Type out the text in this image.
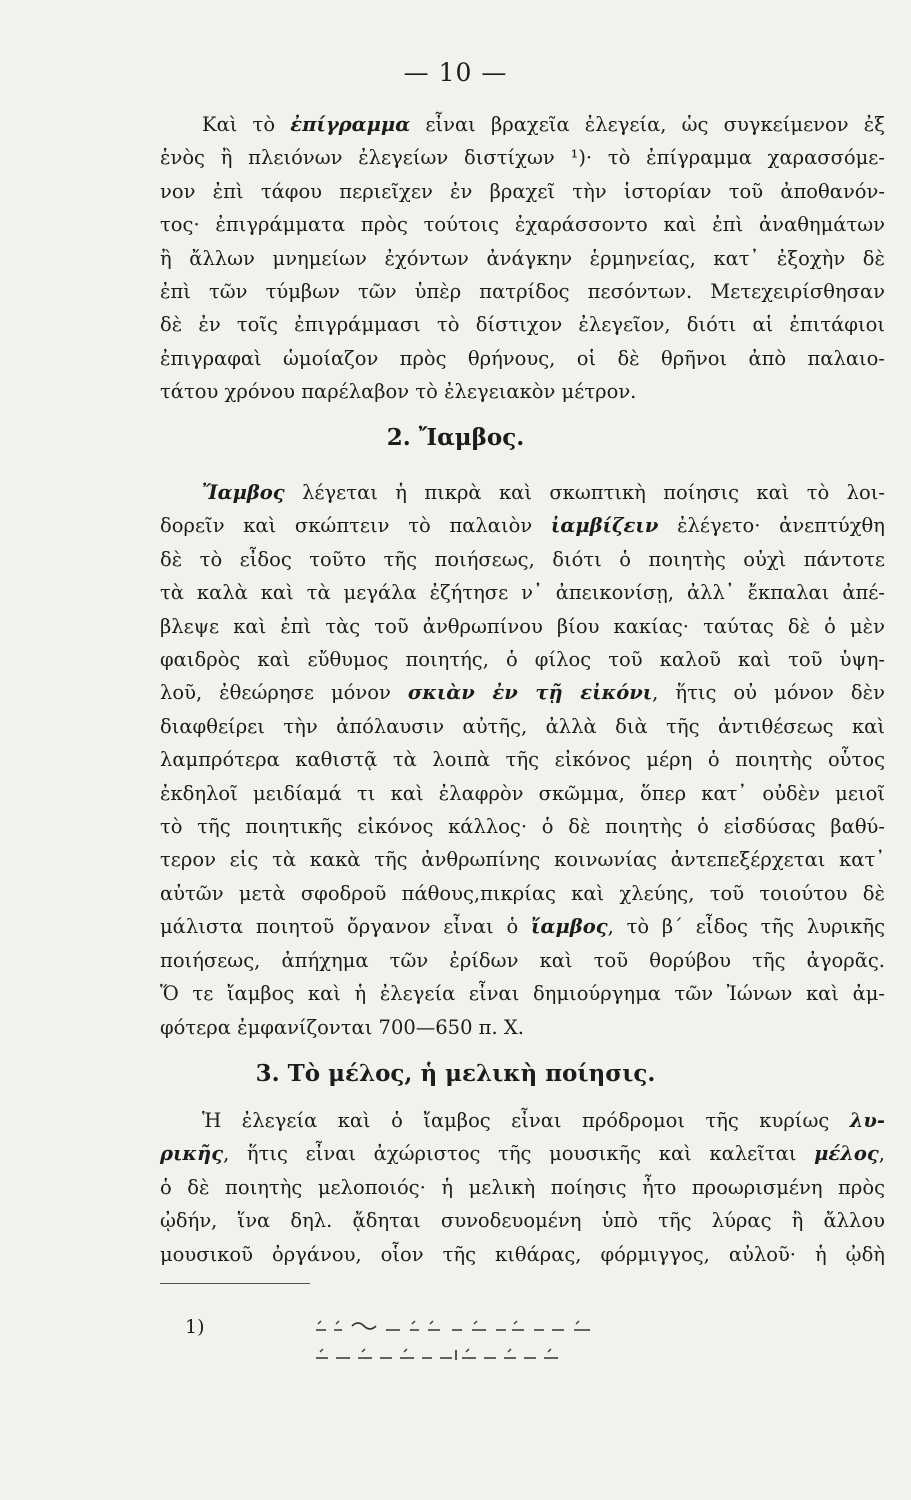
— 10 —
Καὶ τὸ ἐπίγραμμα εἶναι βραχεῖα ἐλεγεία, ὡς συγκείμενον ἐξ
ἑνὸς ἢ πλειόνων ἐλεγείων διστίχων ¹)· τὸ ἐπίγραμμα χαρασσόμε-
νον ἐπὶ τάφου περιεῖχεν ἐν βραχεῖ τὴν ἱστορίαν τοῦ ἀποθανόν-
τος· ἐπιγράμματα πρὸς τούτοις ἐχαράσσοντο καὶ ἐπὶ ἀναθημάτων
ἢ ἄλλων μνημείων ἐχόντων ἀνάγκην ἑρμηνείας, κατ᾽ ἐξοχὴν δὲ
ἐπὶ τῶν τύμβων τῶν ὑπὲρ πατρίδος πεσόντων. Μετεχειρίσθησαν
δὲ ἐν τοῖς ἐπιγράμμασι τὸ δίστιχον ἐλεγεῖον, διότι αἱ ἐπιτάφιοι
ἐπιγραφαὶ ὡμοίαζον πρὸς θρήνους, οἱ δὲ θρῆνοι ἀπὸ παλαιο-
τάτου χρόνου παρέλαβον τὸ ἐλεγειακὸν μέτρον.
2. Ἴαμβος.
Ἴαμβος λέγεται ἡ πικρὰ καὶ σκωπτικὴ ποίησις καὶ τὸ λοι-
δορεῖν καὶ σκώπτειν τὸ παλαιὸν ἰαμβίζειν ἐλέγετο· ἀνεπτύχθη
δὲ τὸ εἶδος τοῦτο τῆς ποιήσεως, διότι ὁ ποιητὴς οὐχὶ πάντοτε
τὰ καλὰ καὶ τὰ μεγάλα ἐζήτησε ν᾽ ἀπεικονίσῃ, ἀλλ᾽ ἔκπαλαι ἀπέ-
βλεψε καὶ ἐπὶ τὰς τοῦ ἀνθρωπίνου βίου κακίας· ταύτας δὲ ὁ μὲν
φαιδρὸς καὶ εὔθυμος ποιητής, ὁ φίλος τοῦ καλοῦ καὶ τοῦ ὑψη-
λοῦ, ἐθεώρησε μόνον σκιὰν ἐν τῇ εἰκόνι, ἥτις οὐ μόνον δὲν
διαφθείρει τὴν ἀπόλαυσιν αὐτῆς, ἀλλὰ διὰ τῆς ἀντιθέσεως καὶ
λαμπρότερα καθιστᾷ τὰ λοιπὰ τῆς εἰκόνος μέρη ὁ ποιητὴς οὗτος
ἐκδηλοῖ μειδίαμά τι καὶ ἐλαφρὸν σκῶμμα, ὅπερ κατ᾽ οὐδὲν μειοῖ
τὸ τῆς ποιητικῆς εἰκόνος κάλλος· ὁ δὲ ποιητὴς ὁ εἰσδύσας βαθύ-
τερον εἰς τὰ κακὰ τῆς ἀνθρωπίνης κοινωνίας ἀντεπεξέρχεται κατ᾽
αὐτῶν μετὰ σφοδροῦ πάθους,πικρίας καὶ χλεύης, τοῦ τοιούτου δὲ
μάλιστα ποιητοῦ ὄργανον εἶναι ὁ ἴαμβος, τὸ β΄ εἶδος τῆς λυρικῆς
ποιήσεως, ἀπήχημα τῶν ἐρίδων καὶ τοῦ θορύβου τῆς ἀγορᾶς.
Ὅ τε ἴαμβος καὶ ἡ ἐλεγεία εἶναι δημιούργημα τῶν Ἰώνων καὶ ἀμ-
φότερα ἐμφανίζονται 700—650 π. Χ.
3. Τὸ μέλος, ἡ μελικὴ ποίησις.
Ἡ ἐλεγεία καὶ ὁ ἴαμβος εἶναι πρόδρομοι τῆς κυρίως λυ-
ρικῆς, ἥτις εἶναι ἀχώριστος τῆς μουσικῆς καὶ καλεῖται μέλος,
ὁ δὲ ποιητὴς μελοποιός· ἡ μελικὴ ποίησις ἦτο προωρισμένη πρὸς
ᾠδήν, ἵνα δηλ. ᾄδηται συνοδευομένη ὑπὸ τῆς λύρας ἢ ἄλλου
μουσικοῦ ὀργάνου, οἷον τῆς κιθάρας, φόρμιγγος, αὐλοῦ· ἡ ᾠδὴ
1)
